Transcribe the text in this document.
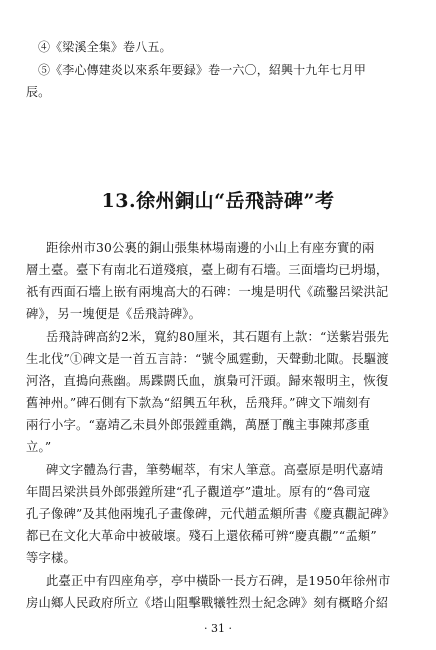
④《梁溪全集》卷八五。
⑤《李心傳建炎以來系年要録》卷一六〇，紹興十九年七月甲
辰。
13.徐州銅山“岳飛詩碑”考
距徐州市30公裏的銅山張集林場南邊的小山上有座夯實的兩
層土臺。臺下有南北石道殘痕，臺上砌有石墻。三面墻均已坍塌，
祇有西面石墻上嵌有兩塊高大的石碑：一塊是明代《疏鑿呂梁洪記
碑》，另一塊便是《岳飛詩碑》。
岳飛詩碑高約2米，寬約80厘米，其石題有上款：“送紫岩張先
生北伐”①碑文是一首五言詩：“號令風霆動，天聲動北陬。長驅渡
河洛，直搗向燕幽。馬蹀閼氏血，旗梟可汗頭。歸來報明主，恢復
舊神州。”碑石側有下款為“紹興五年秋，岳飛拜。”碑文下端刻有
兩行小字。“嘉靖乙未員外郎張鏜重鐫，萬歷丁醜主事陳邦彥重
立。”
碑文字體為行書，筆勢崛萃，有宋人筆意。高臺原是明代嘉靖
年間呂梁洪員外郎張鏜所建“孔子觀道亭”遺址。原有的“魯司寇
孔子像碑”及其他兩塊孔子畫像碑，元代趙孟頫所書《慶真觀記碑》
都已在文化大革命中被破壞。殘石上還依稀可辨“慶真觀”“孟頫”
等字樣。
此臺正中有四座角亭，亭中橫卧一長方石碑，是1950年徐州市
房山鄉人民政府所立《塔山阻擊戰犧牲烈士紀念碑》刻有概略介紹
· 31 ·
